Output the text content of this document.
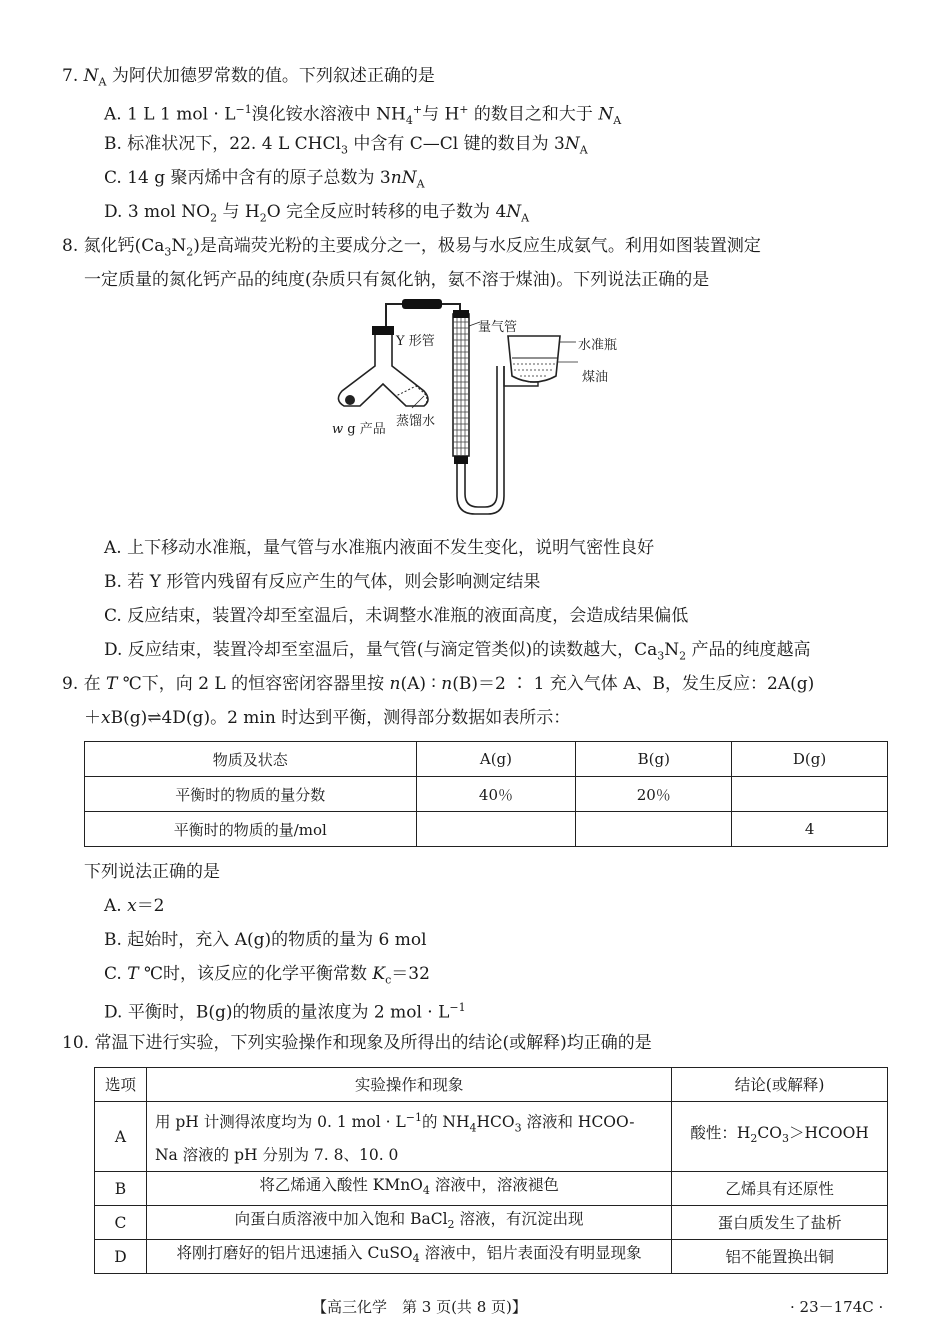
7. $N_A$ 为阿伏加德罗常数的值。下列叙述正确的是
A. 1 L 1 mol · $L^{-1}$溴化铵水溶液中 $NH_4^+$与 H+ 的数目之和大于 $N_A$
B. 标准状况下，22. 4 L CHCl$_3$ 中含有 C—Cl 键的数目为 $3N_A$
C. 14 g 聚丙烯中含有的原子总数为 $3nN_A$
D. 3 mol $NO_2$ 与 $H_2O$ 完全反应时转移的电子数为 $4N_A$
8. 氮化钙$(Ca_3N_2)$是高端荧光粉的主要成分之一，极易与水反应生成氨气。利用如图装置测定
一定质量的氮化钙产品的纯度(杂质只有氮化钠，氨不溶于煤油)。下列说法正确的是
Y 形管
量气管
水准瓶
煤油
w g 产品
蒸馏水
A. 上下移动水准瓶，量气管与水准瓶内液面不发生变化，说明气密性良好
B. 若 Y 形管内残留有反应产生的气体，则会影响测定结果
C. 反应结束，装置冷却至室温后，未调整水准瓶的液面高度，会造成结果偏低
D. 反应结束，装置冷却至室温后，量气管(与滴定管类似)的读数越大，$Ca_3N_2$ 产品的纯度越高
9. 在 T ℃下，向 2 L 的恒容密闭容器里按 n(A) ∶ n(B)＝2 ∶ 1 充入气体 A、B，发生反应：2A(g)
＋xB(g)⇌4D(g)。2 min 时达到平衡，测得部分数据如表所示：
物质及状态	A(g)	B(g)	D(g)
平衡时的物质的量分数	40％	20％	
平衡时的物质的量/mol			4
下列说法正确的是
A. x＝2
B. 起始时，充入 A(g)的物质的量为 6 mol
C. T ℃时，该反应的化学平衡常数 $K_c=32$
D. 平衡时，B(g)的物质的量浓度为 2 mol · $L^{-1}$
10. 常温下进行实验，下列实验操作和现象及所得出的结论(或解释)均正确的是
选项	实验操作和现象	结论(或解释)
A	用 pH 计测得浓度均为 0. 1 mol · $L^{-1}$的 $NH_4HCO_3$ 溶液和 HCOO-
Na 溶液的 pH 分别为 7. 8、10. 0	酸性：$H_2CO_3>HCOOH$
B	将乙烯通入酸性 KMnO$_4$ 溶液中，溶液褪色	乙烯具有还原性
C	向蛋白质溶液中加入饱和 BaCl$_2$ 溶液，有沉淀出现	蛋白质发生了盐析
D	将刚打磨好的铝片迅速插入 CuSO$_4$ 溶液中，铝片表面没有明显现象	铝不能置换出铜
【高三化学　第 3 页(共 8 页)】	· 23－174C ·
